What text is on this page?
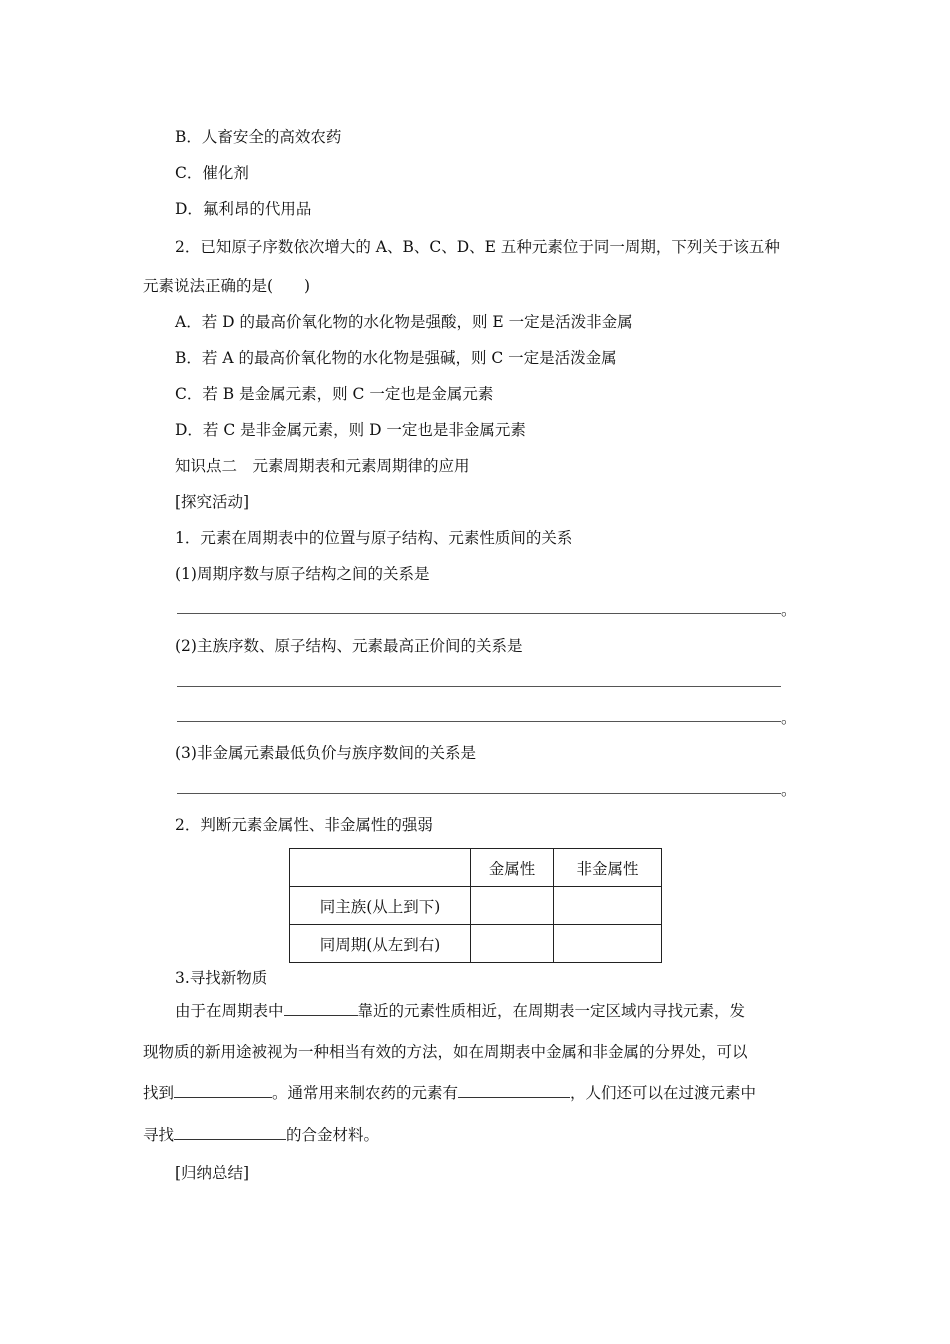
B．人畜安全的高效农药
C．催化剂
D．氟利昂的代用品
2．已知原子序数依次增大的 A、B、C、D、E 五种元素位于同一周期，下列关于该五种
元素说法正确的是(　　)
A．若 D 的最高价氧化物的水化物是强酸，则 E 一定是活泼非金属
B．若 A 的最高价氧化物的水化物是强碱，则 C 一定是活泼金属
C．若 B 是金属元素，则 C 一定也是金属元素
D．若 C 是非金属元素，则 D 一定也是非金属元素
知识点二　元素周期表和元素周期律的应用
[探究活动]
1．元素在周期表中的位置与原子结构、元素性质间的关系
(1)周期序数与原子结构之间的关系是
。
(2)主族序数、原子结构、元素最高正价间的关系是
。
(3)非金属元素最低负价与族序数间的关系是
。
2．判断元素金属性、非金属性的强弱
	金属性	非金属性
同主族(从上到下)		
同周期(从左到右)		
3.寻找新物质
由于在周期表中	靠近的元素性质相近，在周期表一定区域内寻找元素，发
现物质的新用途被视为一种相当有效的方法，如在周期表中金属和非金属的分界处，可以
找到	。通常用来制农药的元素有	，人们还可以在过渡元素中
寻找	的合金材料。
[归纳总结]
